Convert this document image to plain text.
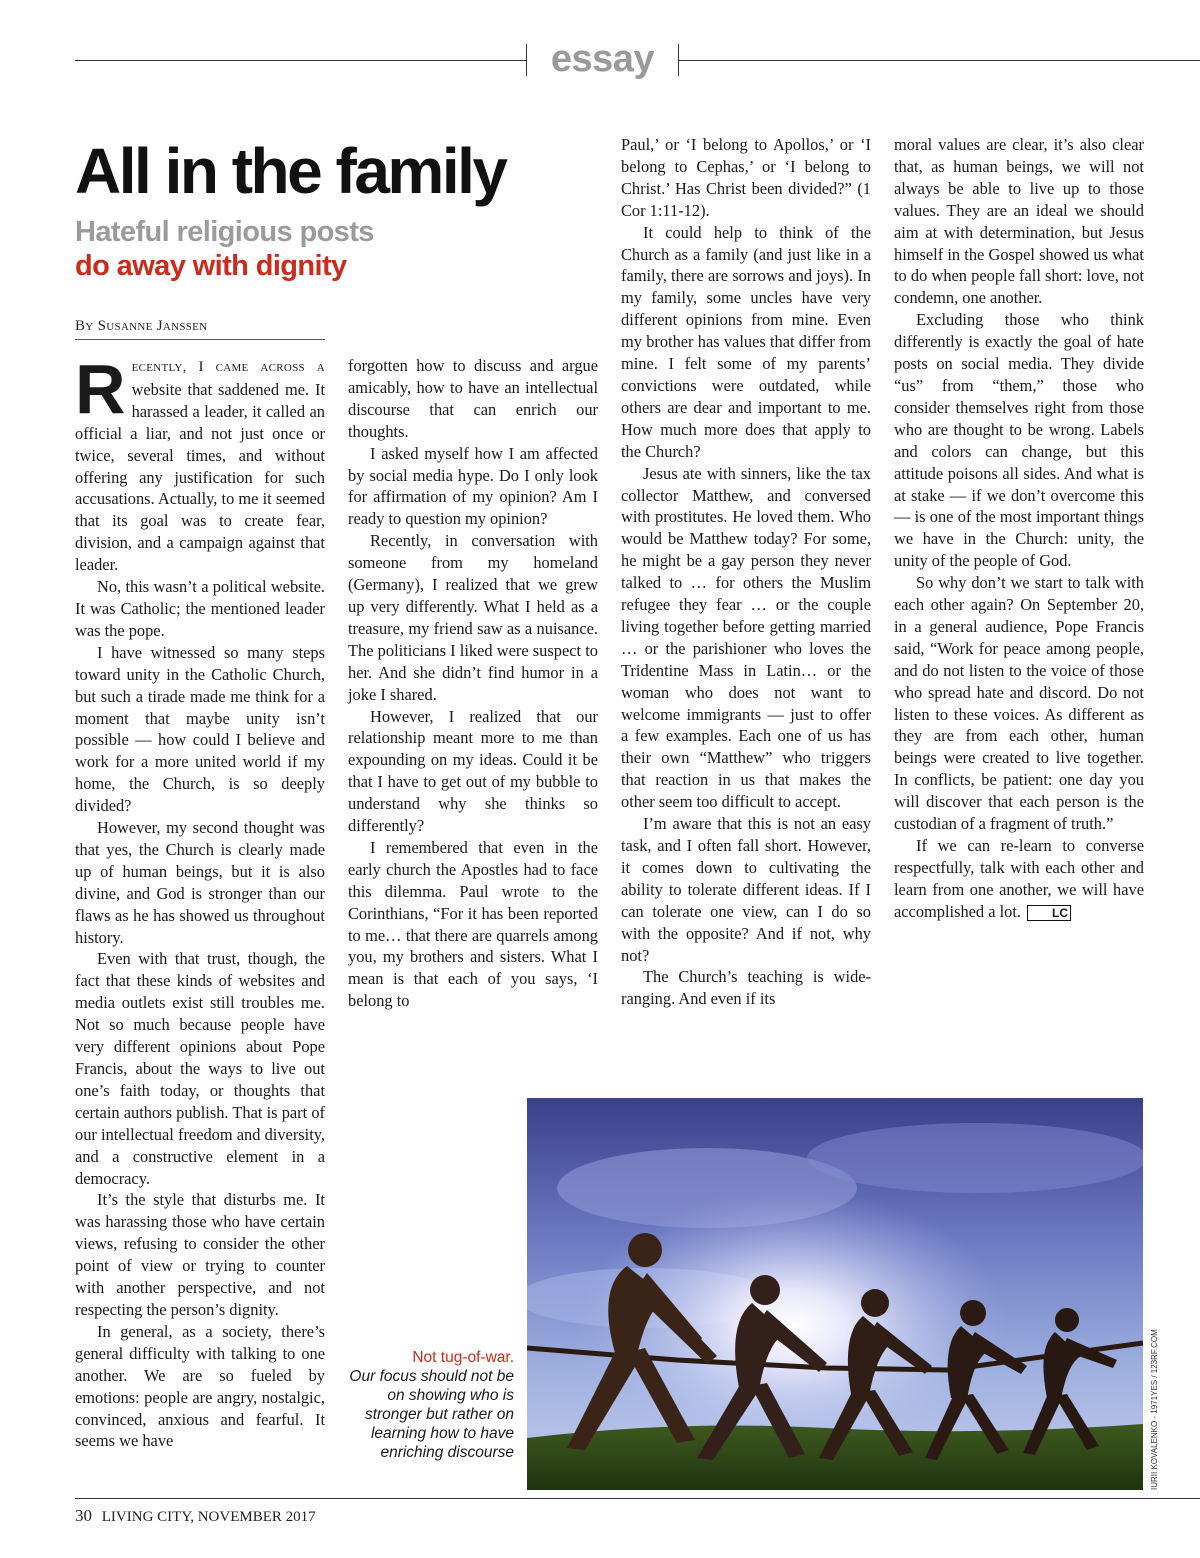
essay
All in the family
Hateful religious posts
do away with dignity
By Susanne Janssen

Recently, I came across a website that saddened me. It harassed a leader, it called an official a liar, and not just once or twice, several times, and without offering any justification for such accusations. Actually, to me it seemed that its goal was to create fear, division, and a campaign against that leader.

No, this wasn’t a political website. It was Catholic; the mentioned leader was the pope.

I have witnessed so many steps toward unity in the Catholic Church, but such a tirade made me think for a moment that maybe unity isn’t possible — how could I believe and work for a more united world if my home, the Church, is so deeply divided?

However, my second thought was that yes, the Church is clearly made up of human beings, but it is also divine, and God is stronger than our flaws as he has showed us throughout history.

Even with that trust, though, the fact that these kinds of websites and media outlets exist still troubles me. Not so much because people have very different opinions about Pope Francis, about the ways to live out one’s faith today, or thoughts that certain authors publish. That is part of our intellectual freedom and diversity, and a constructive element in a democracy.

It’s the style that disturbs me. It was harassing those who have certain views, refusing to consider the other point of view or trying to counter with another perspective, and not respecting the person’s dignity.

In general, as a society, there’s general difficulty with talking to one another. We are so fueled by emotions: people are angry, nostalgic, convinced, anxious and fearful. It seems we have

forgotten how to discuss and argue amicably, how to have an intellectual discourse that can enrich our thoughts.

I asked myself how I am affected by social media hype. Do I only look for affirmation of my opinion? Am I ready to question my opinion?

Recently, in conversation with someone from my homeland (Germany), I realized that we grew up very differently. What I held as a treasure, my friend saw as a nuisance. The politicians I liked were suspect to her. And she didn’t find humor in a joke I shared.

However, I realized that our relationship meant more to me than expounding on my ideas. Could it be that I have to get out of my bubble to understand why she thinks so differently?

I remembered that even in the early church the Apostles had to face this dilemma. Paul wrote to the Corinthians, “For it has been reported to me… that there are quarrels among you, my brothers and sisters. What I mean is that each of you says, ‘I belong to

Paul,’ or ‘I belong to Apollos,’ or ‘I belong to Cephas,’ or ‘I belong to Christ.’ Has Christ been divided?” (1 Cor 1:11-12).

It could help to think of the Church as a family (and just like in a family, there are sorrows and joys). In my family, some uncles have very different opinions from mine. Even my brother has values that differ from mine. I felt some of my parents’ convictions were outdated, while others are dear and important to me. How much more does that apply to the Church?

Jesus ate with sinners, like the tax collector Matthew, and conversed with prostitutes. He loved them. Who would be Matthew today? For some, he might be a gay person they never talked to … for others the Muslim refugee they fear … or the couple living together before getting married … or the parishioner who loves the Tridentine Mass in Latin… or the woman who does not want to welcome immigrants — just to offer a few examples. Each one of us has their own “Matthew” who triggers that reaction in us that makes the other seem too difficult to accept.

I’m aware that this is not an easy task, and I often fall short. However, it comes down to cultivating the ability to tolerate different ideas. If I can tolerate one view, can I do so with the opposite? And if not, why not?

The Church’s teaching is wide-ranging. And even if its

moral values are clear, it’s also clear that, as human beings, we will not always be able to live up to those values. They are an ideal we should aim at with determination, but Jesus himself in the Gospel showed us what to do when people fall short: love, not condemn, one another.

Excluding those who think differently is exactly the goal of hate posts on social media. They divide “us” from “them,” those who consider themselves right from those who are thought to be wrong. Labels and colors can change, but this attitude poisons all sides. And what is at stake — if we don’t overcome this — is one of the most important things we have in the Church: unity, the unity of the people of God.

So why don’t we start to talk with each other again? On September 20, in a general audience, Pope Francis said, “Work for peace among people, and do not listen to the voice of those who spread hate and discord. Do not listen to these voices. As different as they are from each other, human beings were created to live together. In conflicts, be patient: one day you will discover that each person is the custodian of a fragment of truth.”

If we can re-learn to converse respectfully, talk with each other and learn from one another, we will have accomplished a lot.	LC

IURII KOVALENKO - 1971YES / 123RF.COM
Not tug-of-war.
Our focus should not be on showing who is stronger but rather on learning how to have enriching discourse
30 LIVING CITY, NOVEMBER 2017
